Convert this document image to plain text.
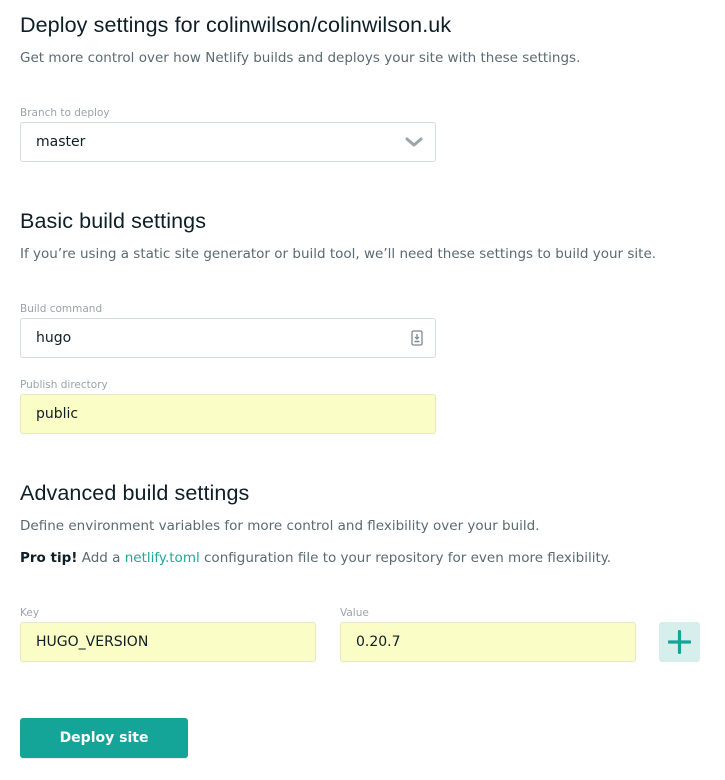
Deploy settings for colinwilson/colinwilson.uk

Get more control over how Netlify builds and deploys your site with these settings.

Branch to deploy
master
Basic build settings

If you’re using a static site generator or build tool, we’ll need these settings to build your site.

Build command
hugo
Publish directory
public
Advanced build settings

Define environment variables for more control and flexibility over your build.

Pro tip! Add a netlify.toml configuration file to your repository for even more flexibility.

Key
HUGO_VERSION
Value
0.20.7
Deploy site
